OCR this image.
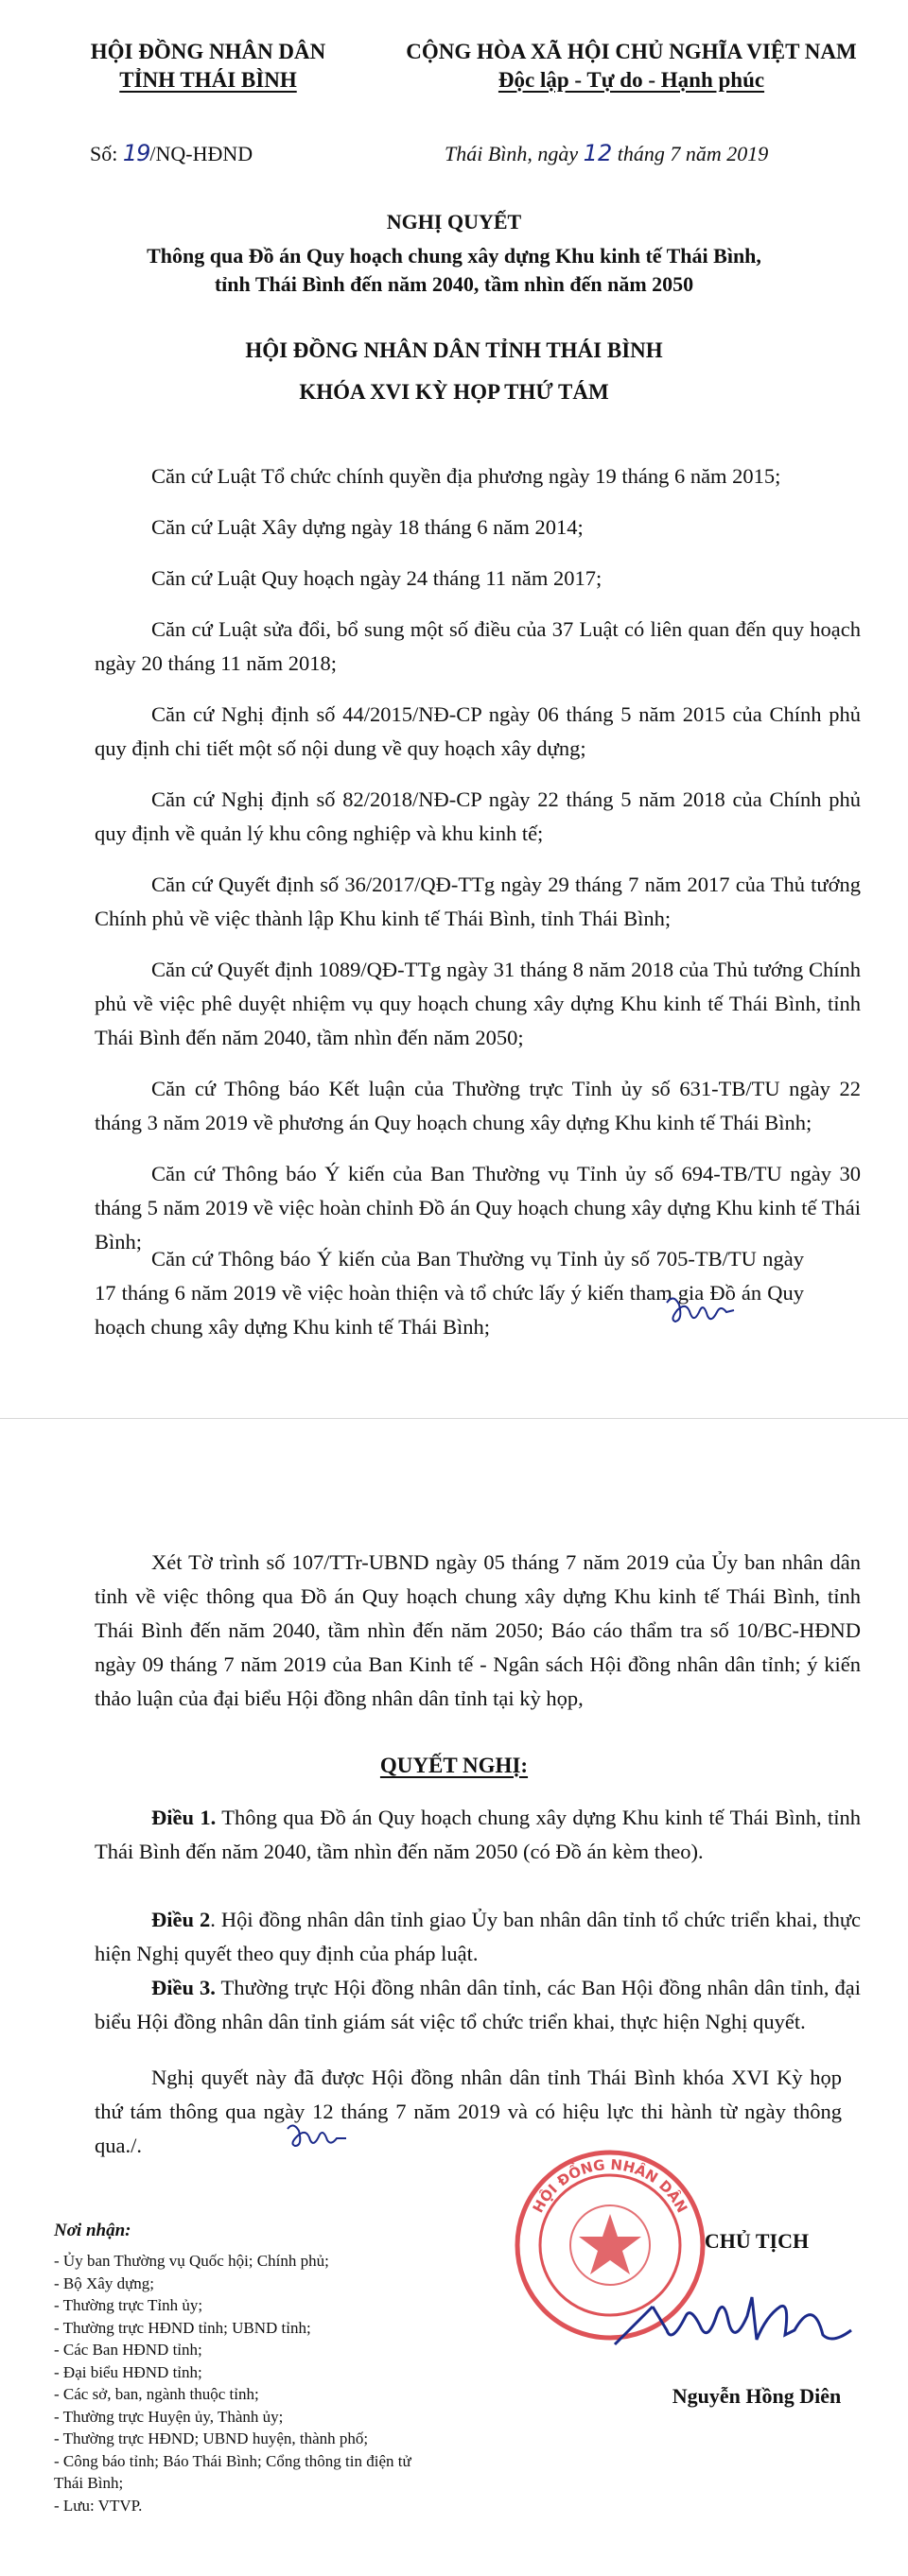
HỘI ĐỒNG NHÂN DÂN
TỈNH THÁI BÌNH
CỘNG HÒA XÃ HỘI CHỦ NGHĨA VIỆT NAM
Độc lập - Tự do - Hạnh phúc
Số: 19/NQ-HĐND	Thái Bình, ngày 12 tháng 7 năm 2019
NGHỊ QUYẾT
Thông qua Đồ án Quy hoạch chung xây dựng Khu kinh tế Thái Bình,
tỉnh Thái Bình đến năm 2040, tầm nhìn đến năm 2050
HỘI ĐỒNG NHÂN DÂN TỈNH THÁI BÌNH
KHÓA XVI KỲ HỌP THỨ TÁM

Căn cứ Luật Tổ chức chính quyền địa phương ngày 19 tháng 6 năm 2015;

Căn cứ Luật Xây dựng ngày 18 tháng 6 năm 2014;

Căn cứ Luật Quy hoạch ngày 24 tháng 11 năm 2017;

Căn cứ Luật sửa đổi, bổ sung một số điều của 37 Luật có liên quan đến quy hoạch ngày 20 tháng 11 năm 2018;

Căn cứ Nghị định số 44/2015/NĐ-CP ngày 06 tháng 5 năm 2015 của Chính phủ quy định chi tiết một số nội dung về quy hoạch xây dựng;

Căn cứ Nghị định số 82/2018/NĐ-CP ngày 22 tháng 5 năm 2018 của Chính phủ quy định về quản lý khu công nghiệp và khu kinh tế;

Căn cứ Quyết định số 36/2017/QĐ-TTg ngày 29 tháng 7 năm 2017 của Thủ tướng Chính phủ về việc thành lập Khu kinh tế Thái Bình, tỉnh Thái Bình;

Căn cứ Quyết định 1089/QĐ-TTg ngày 31 tháng 8 năm 2018 của Thủ tướng Chính phủ về việc phê duyệt nhiệm vụ quy hoạch chung xây dựng Khu kinh tế Thái Bình, tỉnh Thái Bình đến năm 2040, tầm nhìn đến năm 2050;

Căn cứ Thông báo Kết luận của Thường trực Tỉnh ủy số 631-TB/TU ngày 22 tháng 3 năm 2019 về phương án Quy hoạch chung xây dựng Khu kinh tế Thái Bình;

Căn cứ Thông báo Ý kiến của Ban Thường vụ Tỉnh ủy số 694-TB/TU ngày 30 tháng 5 năm 2019 về việc hoàn chỉnh Đồ án Quy hoạch chung xây dựng Khu kinh tế Thái Bình;

Căn cứ Thông báo Ý kiến của Ban Thường vụ Tỉnh ủy số 705-TB/TU ngày 17 tháng 6 năm 2019 về việc hoàn thiện và tổ chức lấy ý kiến tham gia Đồ án Quy hoạch chung xây dựng Khu kinh tế Thái Bình;

Xét Tờ trình số 107/TTr-UBND ngày 05 tháng 7 năm 2019 của Ủy ban nhân dân tỉnh về việc thông qua Đồ án Quy hoạch chung xây dựng Khu kinh tế Thái Bình, tỉnh Thái Bình đến năm 2040, tầm nhìn đến năm 2050; Báo cáo thẩm tra số 10/BC-HĐND ngày 09 tháng 7 năm 2019 của Ban Kinh tế - Ngân sách Hội đồng nhân dân tỉnh; ý kiến thảo luận của đại biểu Hội đồng nhân dân tỉnh tại kỳ họp,

QUYẾT NGHỊ:

Điều 1. Thông qua Đồ án Quy hoạch chung xây dựng Khu kinh tế Thái Bình, tỉnh Thái Bình đến năm 2040, tầm nhìn đến năm 2050 (có Đồ án kèm theo).

Điều 2. Hội đồng nhân dân tỉnh giao Ủy ban nhân dân tỉnh tổ chức triển khai, thực hiện Nghị quyết theo quy định của pháp luật.

Điều 3. Thường trực Hội đồng nhân dân tỉnh, các Ban Hội đồng nhân dân tỉnh, đại biểu Hội đồng nhân dân tỉnh giám sát việc tổ chức triển khai, thực hiện Nghị quyết.

Nghị quyết này đã được Hội đồng nhân dân tỉnh Thái Bình khóa XVI Kỳ họp thứ tám thông qua ngày 12 tháng 7 năm 2019 và có hiệu lực thi hành từ ngày thông qua./.

Nơi nhận:
- Ủy ban Thường vụ Quốc hội; Chính phủ;
- Bộ Xây dựng;
- Thường trực Tỉnh ủy;
- Thường trực HĐND tỉnh; UBND tỉnh;
- Các Ban HĐND tỉnh;
- Đại biểu HĐND tỉnh;
- Các sở, ban, ngành thuộc tỉnh;
- Thường trực Huyện ủy, Thành ủy;
- Thường trực HĐND; UBND huyện, thành phố;
- Công báo tỉnh; Báo Thái Bình; Cổng thông tin điện tử
Thái Bình;
- Lưu: VTVP.
HỘI ĐỒNG NHÂN DÂN
CHỦ TỊCH
Nguyễn Hồng Diên
